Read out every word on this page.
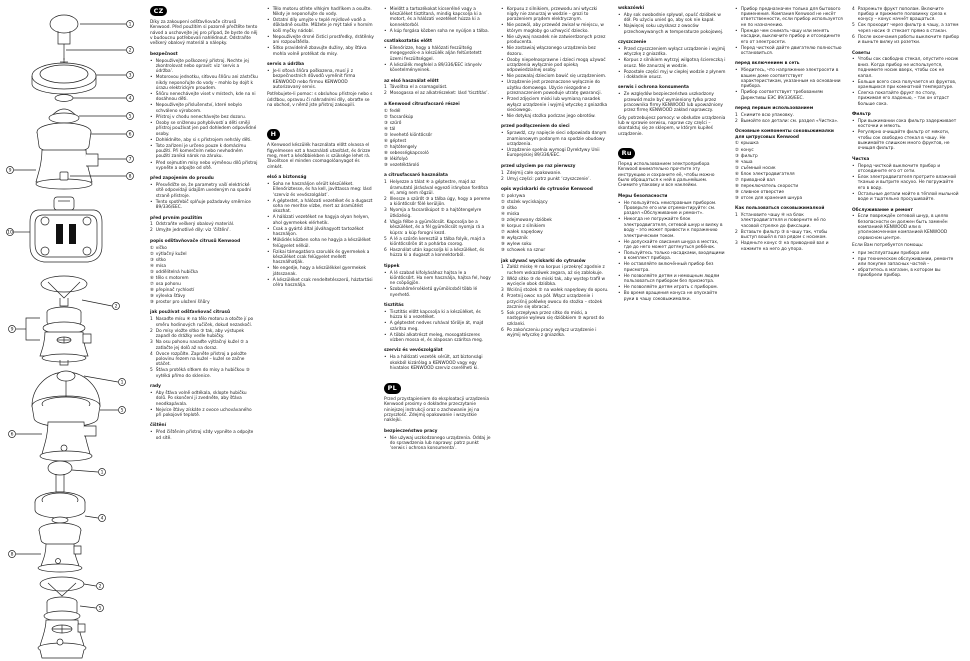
1
2
3
4
5
6
7
8
9
10
2
9
1
5
6
1
4
8
2
5
CZ
Díky za zakoupení odšťavňovače citrusů Kenwood. Před použitím si pozorně přečtěte tento návod a uschovejte jej pro případ, že byste do něj v budoucnu potřebovali nahlédnout. Odstraňte veškerý obalový materiál a nálepky.
bezpečnost
• Nepoužívejte poškozený přístroj. Nechte jej zkontrolovat nebo opravit: viz ‘servis a údržba’.
• Motorovou jednotku, síťovou šňůru ani zástrčku nikdy neponořujte do vody – mohlo by dojít k úrazu elektrickým proudem.
• Šňůru nenechávejte viset v místech, kde na ni dosáhnou děti.
• Nepoužívejte příslušenství, které nebylo schváleno výrobcem.
• Přístroj v chodu nenechávejte bez dozoru.
• Osoby se sníženou pohyblivostí a děti smějí přístroj používat jen pod dohledem odpovědné osoby.
• Dohlédněte, aby si s přístrojem nehrály děti.
• Toto zařízení je určeno pouze k domácímu použití. Při komerčním nebo nevhodném použití zaniká nárok na záruku.
• Před sejmutím mísy nebo výměnou dílů přístroj vypněte a odpojte od sítě.
před zapojením do proudu
• Přesvědčte se, že parametry vaší elektrické sítě odpovídají údajům uvedeným na spodní straně přístroje.
• Tento spotřebič splňuje požadavky směrnice 89/336/EEC.
před prvním použitím
1 Odstraňte veškerý obalový materiál.
2 Umyjte jednotlivé díly: viz ‘čištění’.
popis odšťavňovače citrusů Kenwood
① víčko
② výtlačný kužel
③ sítko
④ mísa
⑤ oddělitelná hubička
⑥ tělo s motorem
⑦ osa pohonu
⑧ přepínač rychlostí
⑨ výlevka šťávy
⑩ prostor pro uložení šňůry
jak používat odšťavňovač citrusů
1 Nasaďte mísu ④ na tělo motoru a otočte jí po směru hodinových ručiček, dokud nezaskočí.
2 Do mísy vložte sítko ③ tak, aby výstupek zapadl do drážky vedle hubičky.
3 Na osu pohonu nasaďte výtlačný kužel ② a zatlačte jej dolů až na doraz.
4 Ovoce rozpůlte. Zapněte přístroj a položte polovinu řezem na kužel – kužel se začne otáčet.
5 Šťáva protéká sítkem do mísy a hubičkou ⑤ vytéká přímo do sklenice.
rady
• Aby šťáva volně odtékala, sklopte hubičku dolů. Po skončení ji zvedněte, aby šťáva neodkapávala.
• Nejvíce šťávy získáte z ovoce uchovávaného při pokojové teplotě.
čištění
• Před čištěním přístroj vždy vypněte a odpojte od sítě.
• Tělo motoru otřete vlhkým hadříkem a osušte. Nikdy je neponořujte do vody.
• Ostatní díly umyjte v teplé mýdlové vodě a důkladně osušte. Můžete je mýt také v horním koši myčky nádobí.
• Nepoužívejte drsné čisticí prostředky, drátěnky ani rozpouštědla.
• Sítko pravidelně zbavujte dužiny, aby šťáva mohla volně protékat do mísy.
servis a údržba
• Je-li síťová šňůra poškozena, musí ji z bezpečnostních důvodů vyměnit firma KENWOOD nebo firmou KENWOOD autorizovaný servis.
Potřebujete-li pomoc: s obsluhou přístroje nebo s údržbou, opravou či náhradními díly, obraťte se na obchod, v němž jste přístroj zakoupili.
H
A Kenwood készülék használata előtt olvassa el figyelmesen ezt a használati utasítást, és őrizze meg, mert a későbbiekben is szüksége lehet rá. Távolítson el minden csomagolóanyagot és címkét.
első a biztonság
• Soha ne használjon sérült készüléket. Ellenőriztesse, és ha kell, javíttassa meg: lásd ‘szerviz és vevőszolgálat’.
• A géptestet, a hálózati vezetéket és a dugaszt soha ne merítse vízbe, mert az áramütést okozhat.
• A hálózati vezetéket ne hagyja olyan helyen, ahol gyermekek elérhetik.
• Csak a gyártó által jóváhagyott tartozékot használjon.
• Működés közben soha ne hagyja a készüléket felügyelet nélkül.
• Fizikai támogatásra szorulók és gyermekek a készüléket csak felügyelet mellett használhatják.
• Ne engedje, hogy a készülékkel gyermekek játsszanak.
• A készüléket csak rendeltetésszerű, háztartási célra használja.
• Mielőtt a tartozékokat kicserélné vagy a készüléket tisztítaná, mindig kapcsolja ki a motort, és a hálózati vezetéket húzza ki a konnektorból.
• A kúp forgása közben soha ne nyúljon a tálba.
csatlakoztatás előtt
• Ellenőrizze, hogy a hálózati feszültség megegyezik-e a készülék alján feltüntetett üzemi feszültséggel.
• A készülék megfelel a 89/336/EEC irányelv követelményeinek.
az első használat előtt
1 Távolítsa el a csomagolást.
2 Mosogassa el az alkatrészeket: lásd ‘tisztítás’.
a Kenwood citrusfacsaró részei
① fedél
② facsarókúp
③ szűrő
④ tál
⑤ levehető kiöntőcsőr
⑥ géptest
⑦ hajtótengely
⑧ sebességkapcsoló
⑨ lékifolyó
⑩ vezetéktároló
a citrusfacsaró használata
1 Helyezze a tálat ④ a géptestre, majd az óramutató járásával egyező irányban fordítsa el, amíg nem rögzül.
2 Illessze a szűrőt ③ a tálba úgy, hogy a pereme a kiöntőcsőr fölé kerüljön.
3 Nyomja a facsarókúpot ② a hajtótengelyre ütközésig.
4 Vágja félbe a gyümölcsöt. Kapcsolja be a készüléket, és a fél gyümölcsöt nyomja rá a kúpra: a kúp forogni kezd.
5 A lé a szűrőn keresztül a tálba folyik, majd a kiöntőcsőrön át a pohárba csorog.
6 Használat után kapcsolja ki a készüléket, és húzza ki a dugaszt a konnektorból.
tippek
• A lé szabad kifolyásához hajtsa le a kiöntőcsőrt. Ha nem használja, hajtsa fel, hogy ne csöpögjön.
• Szobahőmérsékletű gyümölcsből több lé nyerhető.
tisztítás
• Tisztítás előtt kapcsolja ki a készüléket, és húzza ki a vezetéket.
• A géptestet nedves ruhával törölje át, majd szárítsa meg.
• A többi alkatrészt meleg, mosogatószeres vízben mossa el, és alaposan szárítsa meg.
szerviz és vevőszolgálat
• Ha a hálózati vezeték sérült, azt biztonsági okokból kizárólag a KENWOOD vagy egy hivatalos KENWOOD szerviz cserélheti ki.
PL
Przed przystąpieniem do eksploatacji urządzenia Kenwood prosimy o dokładne przeczytanie niniejszej instrukcji oraz o zachowanie jej na przyszłość. Zdejmij opakowanie i wszystkie naklejki.
bezpieczeństwo pracy
• Nie używaj uszkodzonego urządzenia. Oddaj je do sprawdzenia lub naprawy: patrz punkt ‘serwis i ochrona konsumenta’.
• Korpusu z silnikiem, przewodu ani wtyczki nigdy nie zanurzaj w wodzie – grozi to porażeniem prądem elektrycznym.
• Nie pozwól, aby przewód zwisał w miejscu, w którym mogłoby go uchwycić dziecko.
• Nie używaj nasadek nie zatwierdzonych przez producenta.
• Nie zostawiaj włączonego urządzenia bez dozoru.
• Osoby niepełnosprawne i dzieci mogą używać urządzenia wyłącznie pod opieką odpowiedzialnej osoby.
• Nie pozwalaj dzieciom bawić się urządzeniem.
• Urządzenie jest przeznaczone wyłącznie do użytku domowego. Użycie niezgodne z przeznaczeniem powoduje utratę gwarancji.
• Przed zdjęciem miski lub wymianą nasadek wyłącz urządzenie i wyjmij wtyczkę z gniazdka sieciowego.
• Nie dotykaj stożka podczas jego obrotów.
przed podłączeniem do sieci
• Sprawdź, czy napięcie sieci odpowiada danym znamionowym podanym na spodzie obudowy urządzenia.
• Urządzenie spełnia wymogi Dyrektywy Unii Europejskiej 89/336/EEC.
przed użyciem po raz pierwszy
1 Zdejmij całe opakowanie.
2 Umyj części: patrz punkt ‘czyszczenie’.
opis wyciskarki do cytrusów Kenwood
① pokrywa
② stożek wyciskający
③ sitko
④ miska
⑤ zdejmowany dzióbek
⑥ korpus z silnikiem
⑦ wałek napędowy
⑧ wyłącznik
⑨ wylew soku
⑩ schowek na sznur
jak używać wyciskarki do cytrusów
1 Załóż miskę ④ na korpus i przekręć zgodnie z ruchem wskazówek zegara, aż się zablokuje.
2 Włóż sitko ③ do miski tak, aby występ trafił w wycięcie obok dzióbka.
3 Wciśnij stożek ② na wałek napędowy do oporu.
4 Przetnij owoc na pół. Włącz urządzenie i przyciśnij połówkę owocu do stożka – stożek zacznie się obracać.
5 Sok przepływa przez sitko do miski, a następnie wylewa się dzióbkiem ⑤ wprost do szklanki.
6 Po zakończeniu pracy wyłącz urządzenie i wyjmij wtyczkę z gniazdka.
wskazówki
• Aby sok swobodnie spływał, opuść dzióbek w dół. Po użyciu unieś go, aby sok nie kapał.
• Najwięcej soku uzyskasz z owoców przechowywanych w temperaturze pokojowej.
czyszczenie
• Przed czyszczeniem wyłącz urządzenie i wyjmij wtyczkę z gniazdka.
• Korpus z silnikiem wytrzyj wilgotną ściereczką i osusz. Nie zanurzaj w wodzie.
• Pozostałe części myj w ciepłej wodzie z płynem i dokładnie osusz.
serwis i ochrona konsumenta
• Ze względów bezpieczeństwa uszkodzony przewód może być wymieniony tylko przez pracownika firmy KENWOOD lub upoważniony przez firmę KENWOOD zakład naprawczy.
Gdy potrzebujesz pomocy: w obsłudze urządzenia lub w sprawie serwisu, napraw czy części – skontaktuj się ze sklepem, w którym kupiłeś urządzenie.
Ru
Перед использованием электроприбора Kenwood внимательно прочтите эту инструкцию и сохраните её, чтобы можно было обращаться к ней в дальнейшем. Снимите упаковку и все наклейки.
Меры безопасности
• Не пользуйтесь неисправным прибором. Проверьте его или отремонтируйте: см. раздел «Обслуживание и ремонт».
• Никогда не погружайте блок электродвигателя, сетевой шнур и вилку в воду – это может привести к поражению электрическим током.
• Не допускайте свисания шнура в местах, где до него может дотянуться ребёнок.
• Пользуйтесь только насадками, входящими в комплект прибора.
• Не оставляйте включённый прибор без присмотра.
• Не позволяйте детям и немощным людям пользоваться прибором без присмотра.
• Не позволяйте детям играть с прибором.
• Во время вращения конуса не опускайте руки в чашу соковыжималки.
• Прибор предназначен только для бытового применения. Компания Kenwood не несёт ответственности, если прибор используется не по назначению.
• Прежде чем снимать чашу или менять насадки, выключите прибор и отсоедините его от электросети.
• Перед чисткой дайте двигателю полностью остановиться.
перед включением в сеть
• Убедитесь, что напряжение электросети в вашем доме соответствует характеристикам, указанным на основании прибора.
• Прибор соответствует требованиям Директивы ЕЭС 89/336/EEC.
перед первым использованием
1 Снимите всю упаковку.
2 Вымойте все детали: см. раздел «Чистка».
Основные компоненты соковыжималки для цитрусовых Kenwood
① крышка
② конус
③ фильтр
④ чаша
⑤ съёмный носик
⑥ блок электродвигателя
⑦ приводной вал
⑧ переключатель скорости
⑨ сливное отверстие
⑩ отсек для хранения шнура
Как пользоваться соковыжималкой
1 Установите чашу ④ на блок электродвигателя и поверните её по часовой стрелке до фиксации.
2 Вставьте фильтр ③ в чашу так, чтобы выступ вошёл в паз рядом с носиком.
3 Наденьте конус ② на приводной вал и нажмите на него до упора.
4 Разрежьте фрукт пополам. Включите прибор и прижмите половинку среза к конусу – конус начнёт вращаться.
5 Сок проходит через фильтр в чашу, а затем через носик ⑤ стекает прямо в стакан.
6 После окончания работы выключите прибор и выньте вилку из розетки.
Советы
• Чтобы сок свободно стекал, опустите носик вниз. Когда прибор не используется, поднимите носик вверх, чтобы сок не капал.
• Больше всего сока получается из фруктов, хранящихся при комнатной температуре.
• Слегка покатайте фрукт по столу, прижимая его ладонью, – так он отдаст больше сока.
Фильтр
• При выжимании сока фильтр задерживает косточки и мякоть.
• Регулярно очищайте фильтр от мякоти, чтобы сок свободно стекал в чашу. Не выжимайте слишком много фруктов, не очищая фильтр.
Чистка
• Перед чисткой выключите прибор и отсоедините его от сети.
• Блок электродвигателя протрите влажной тканью и вытрите насухо. Не погружайте его в воду.
• Остальные детали мойте в тёплой мыльной воде и тщательно просушивайте.
Обслуживание и ремонт
• Если повреждён сетевой шнур, в целях безопасности он должен быть заменён компанией KENWOOD или в уполномоченном компанией KENWOOD сервисном центре.
Если Вам потребуется помощь:
• при эксплуатации прибора или
• при техническом обслуживании, ремонте или покупке запасных частей –
• обратитесь в магазин, в котором вы приобрели прибор.
